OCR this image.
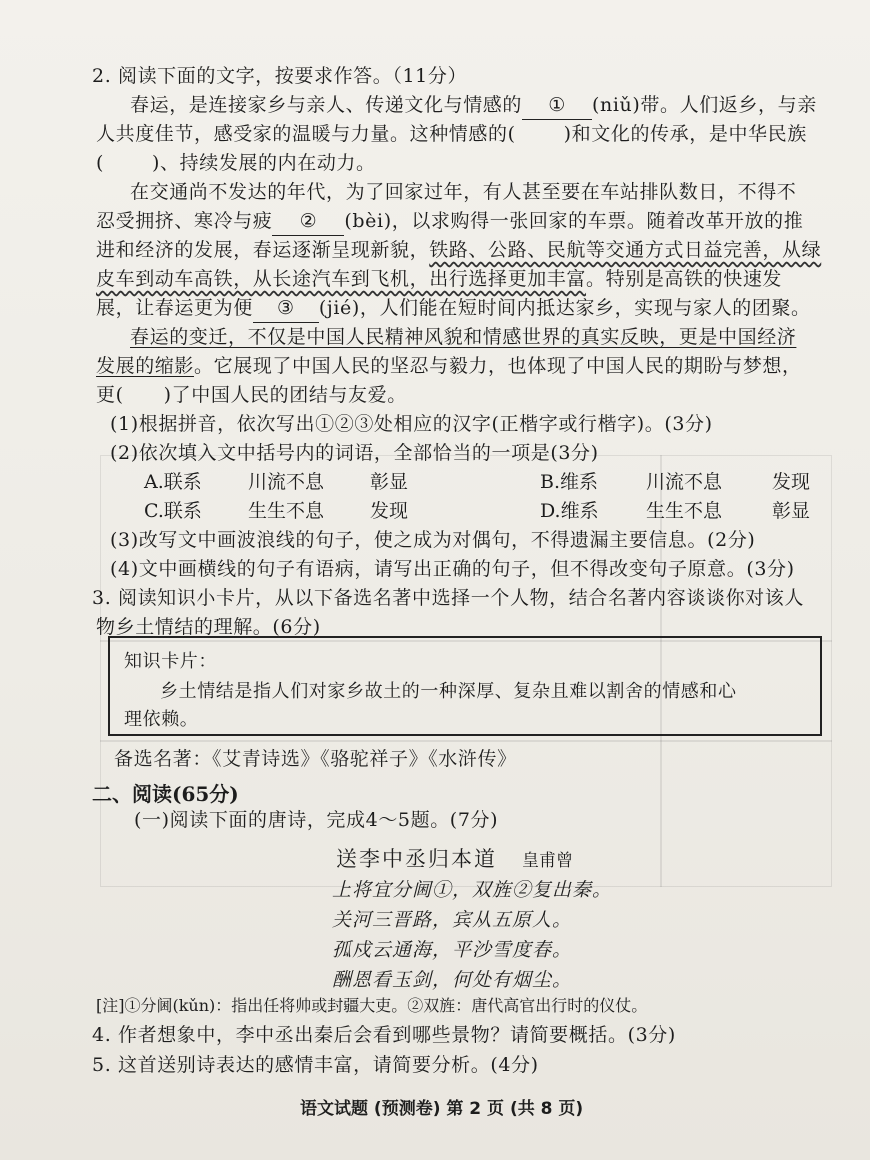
2. 阅读下面的文字，按要求作答。（11分）
春运，是连接家乡与亲人、传递文化与情感的 ① (niǔ)带。人们返乡，与亲
人共度佳节，感受家的温暖与力量。这种情感的(	)和文化的传承，是中华民族
(	)、持续发展的内在动力。
在交通尚不发达的年代，为了回家过年，有人甚至要在车站排队数日，不得不
忍受拥挤、寒冷与疲 ② (bèi)，以求购得一张回家的车票。随着改革开放的推
进和经济的发展，春运逐渐呈现新貌，铁路、公路、民航等交通方式日益完善，从绿
皮车到动车高铁，从长途汽车到飞机，出行选择更加丰富。特别是高铁的快速发
展，让春运更为便 ③ (jié)，人们能在短时间内抵达家乡，实现与家人的团聚。
春运的变迁，不仅是中国人民精神风貌和情感世界的真实反映，更是中国经济
发展的缩影。它展现了中国人民的坚忍与毅力，也体现了中国人民的期盼与梦想，
更( )了中国人民的团结与友爱。
(1)根据拼音，依次写出①②③处相应的汉字(正楷字或行楷字)。(3分)
(2)依次填入文中括号内的词语，全部恰当的一项是(3分)
A.联系 川流不息 彰显	B.维系	川流不息	发现
C.联系 生生不息 发现	D.维系 生生不息	彰显
(3)改写文中画波浪线的句子，使之成为对偶句，不得遗漏主要信息。(2分)
(4)文中画横线的句子有语病，请写出正确的句子，但不得改变句子原意。(3分)
3. 阅读知识小卡片，从以下备选名著中选择一个人物，结合名著内容谈谈你对该人
物乡土情结的理解。(6分)
知识卡片：
乡土情结是指人们对家乡故土的一种深厚、复杂且难以割舍的情感和心
理依赖。
备选名著：《艾青诗选》《骆驼祥子》《水浒传》
二、阅读(65分)
(一)阅读下面的唐诗，完成4～5题。(7分)
送李中丞归本道 皇甫曾
上将宜分阃①，双旌②复出秦。
关河三晋路，宾从五原人。
孤戍云通海，平沙雪度春。
酬恩看玉剑，何处有烟尘。
[注]①分阃(kǔn)：指出任将帅或封疆大吏。②双旌：唐代高官出行时的仪仗。
4. 作者想象中，李中丞出秦后会看到哪些景物？请简要概括。(3分)
5. 这首送别诗表达的感情丰富，请简要分析。(4分)
语文试题 (预测卷) 第 2 页 (共 8 页)
